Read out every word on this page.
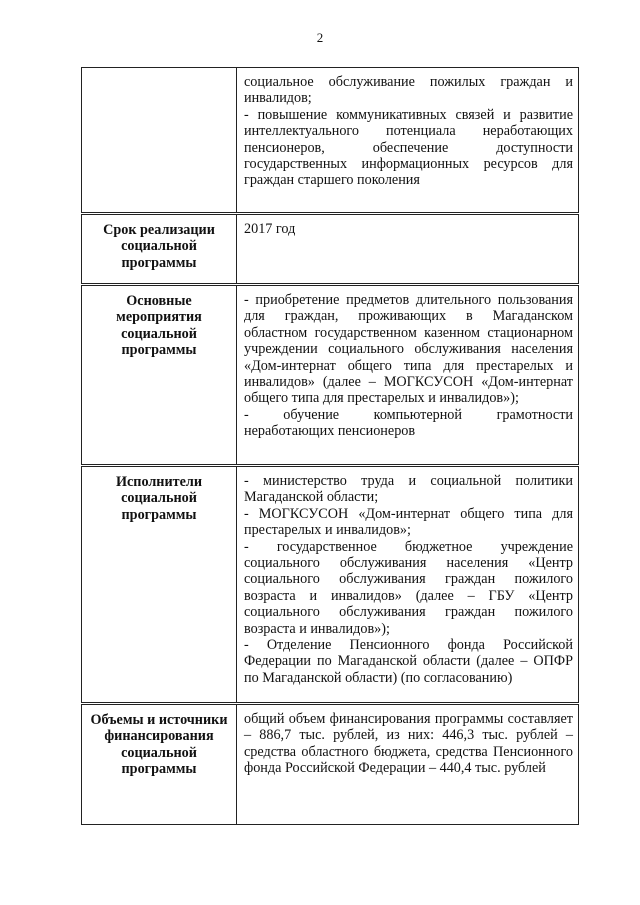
2

	социальное обслуживание пожилых граждан и инвалидов;
- повышение коммуникативных связей и развитие интеллектуального потенциала неработающих пенсионеров, обеспечение доступности государственных информационных ресурсов для граждан старшего поколения

Срок реализации социальной программы	2017 год

Основные мероприятия социальной программы	- приобретение предметов длительного пользования для граждан, проживающих в Магаданском областном государственном казенном стационарном учреждении социального обслуживания населения «Дом-интернат общего типа для престарелых и инвалидов» (далее – МОГКСУСОН «Дом-интернат общего типа для престарелых и инвалидов»);
- обучение компьютерной грамотности неработающих пенсионеров

Исполнители социальной программы	- министерство труда и социальной политики Магаданской области;
- МОГКСУСОН «Дом-интернат общего типа для престарелых и инвалидов»;
- государственное бюджетное учреждение социального обслуживания населения «Центр социального обслуживания граждан пожилого возраста и инвалидов» (далее – ГБУ «Центр социального обслуживания граждан пожилого возраста и инвалидов»);
- Отделение Пенсионного фонда Российской Федерации по Магаданской области (далее – ОПФР по Магаданской области) (по согласованию)

Объемы и источники финансирования социальной программы	общий объем финансирования программы составляет – 886,7 тыс. рублей, из них: 446,3 тыс. рублей – средства областного бюджета, средства Пенсионного фонда Российской Федерации – 440,4 тыс. рублей
